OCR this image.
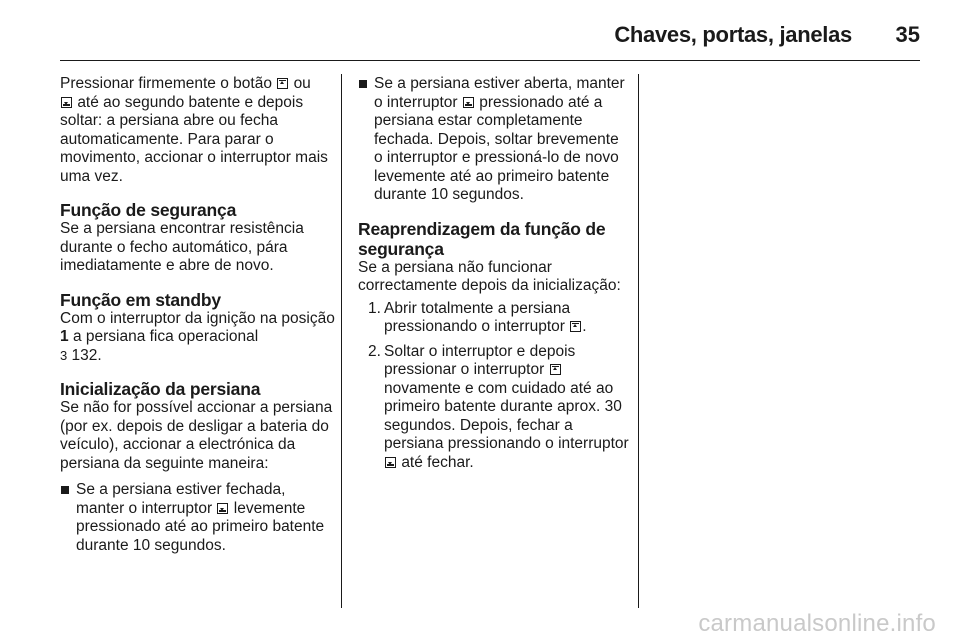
Chaves, portas, janelas 35

Pressionar firmemente o botão ou
até ao segundo batente e depois soltar: a persiana abre ou fecha automaticamente. Para parar o movimento, accionar o interruptor mais uma vez.

Função de segurança

Se a persiana encontrar resistência durante o fecho automático, pára imediatamente e abre de novo.

Função em standby

Com o interruptor da ignição na posição 1 a persiana fica operacional
3 132.

Inicialização da persiana

Se não for possível accionar a persiana (por ex. depois de desligar a bateria do veículo), accionar a electrónica da persiana da seguinte maneira:

Se a persiana estiver fechada, manter o interruptor levemente pressionado até ao primeiro batente durante 10 segundos.

Se a persiana estiver aberta, manter o interruptor pressionado até a persiana estar completamente fechada. Depois, soltar brevemente o interruptor e pressioná-lo de novo levemente até ao primeiro batente durante 10 segundos.

Reaprendizagem da função de segurança

Se a persiana não funcionar correctamente depois da inicialização:

1. Abrir totalmente a persiana pressionando o interruptor .
2. Soltar o interruptor e depois pressionar o interruptor  novamente e com cuidado até ao primeiro batente durante aprox. 30 segundos. Depois, fechar a persiana pressionando o interruptor  até fechar.
carmanualsonline.info
